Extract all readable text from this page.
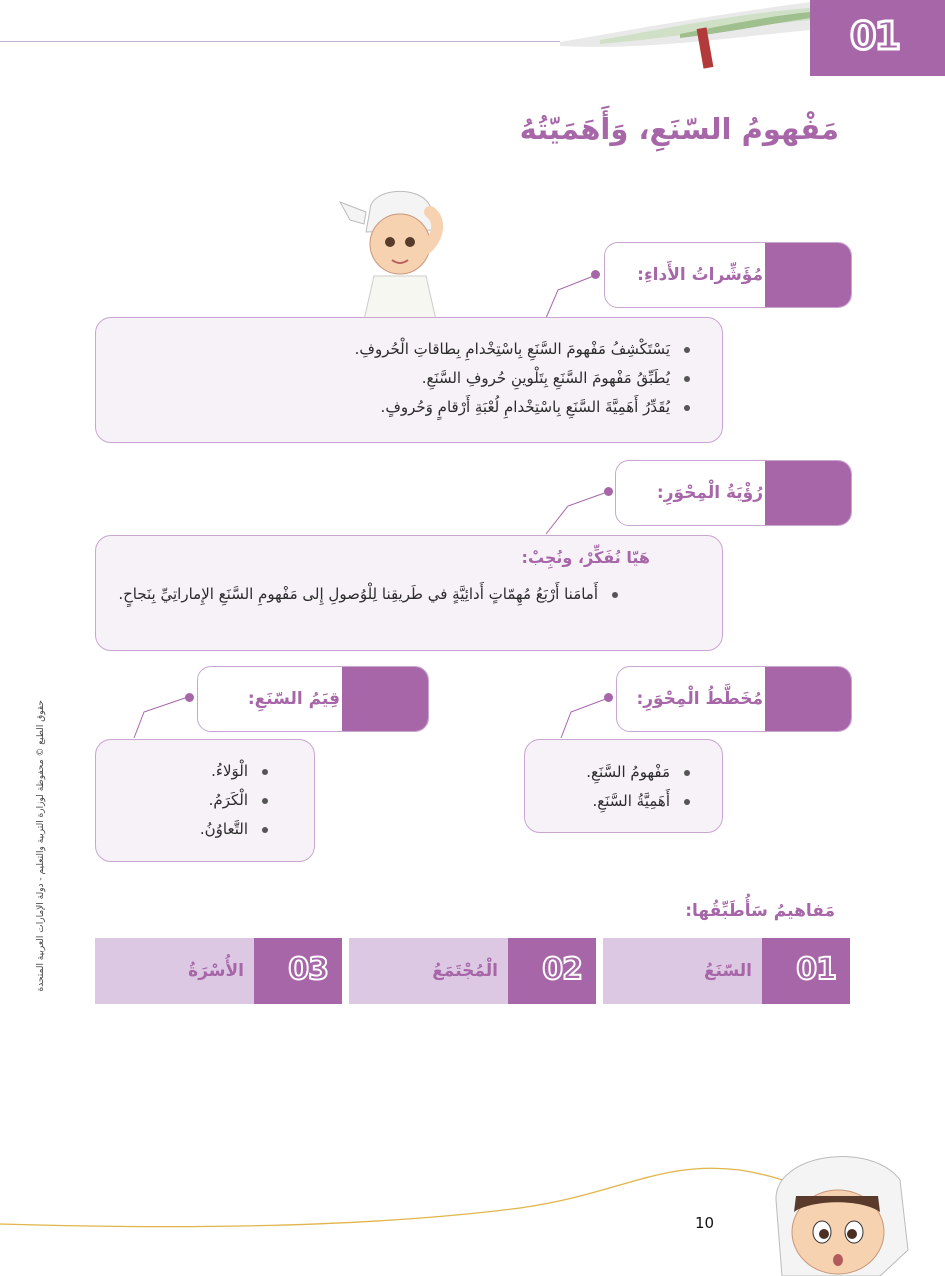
01
مَفْهومُ السّنَعِ، وَأَهَمَيّتُهُ
مُؤَشِّراتُ الأَداءِ:
يَسْتَكْشِفُ مَفْهومَ السَّنَعِ بِاسْتِخْدامِ بِطاقاتِ الْحُروفِ.
يُطَبِّقُ مَفْهومَ السَّنَعِ بِتَلْوينِ حُروفِ السَّنَعِ.
يُقَدِّرُ أَهَمِيَّةَ السَّنَعِ بِاسْتِخْدامِ لُعْبَةِ أَرْقامٍ وَحُروفٍ.
رُؤْيَةُ الْمِحْوَرِ:
هَيّا نُفَكِّرْ، ونُجِبْ:
أَمامَنا أَرْبَعُ مُهِمّاتٍ أَدائِيَّةٍ في طَريقِنا لِلْوُصولِ إِلى مَفْهومِ السَّنَعِ الإِماراتِيِّ بِنَجاحٍ.
قِيَمُ السّنَعِ:
الْوَلاءُ.
الْكَرَمُ.
التَّعاوُنُ.
مُخَطَّطُ الْمِحْوَرِ:
مَفْهومُ السَّنَعِ.
أَهَمِيَّةُ السَّنَعِ.
حقوق الطبع © محفوظة لوزارة التربية والتعليم - دولة الإمارات العربية المتحدة	مَفاهيمُ سَأُطَبِّقُها:
01
السّنَعُ
02
الْمُجْتَمَعُ
03
الأُسْرَةُ
10
